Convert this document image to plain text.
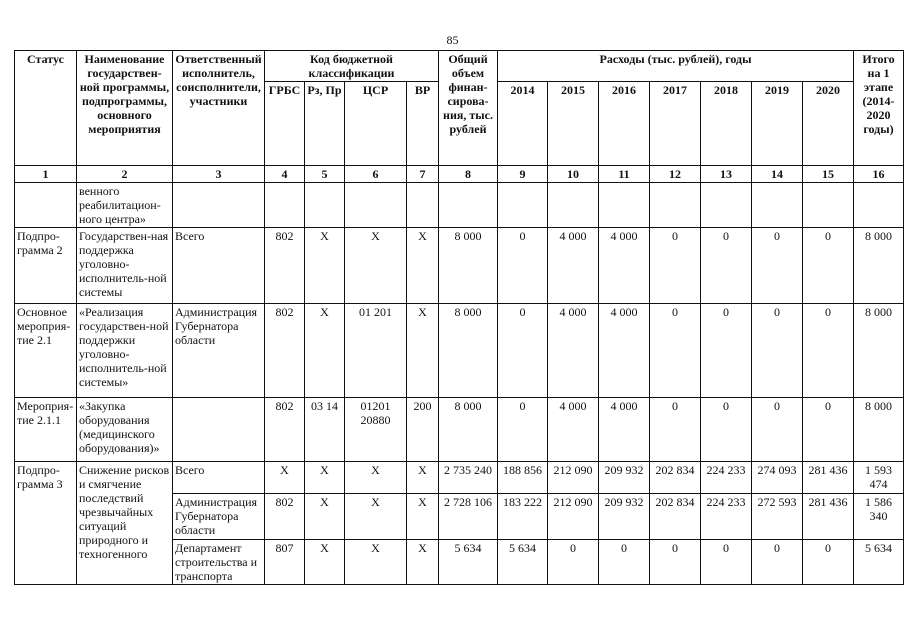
85
Статус	Наименование государствен-ной программы, подпрограммы, основного мероприятия	Ответственный исполнитель, соисполнители, участники	Код бюджетной классификации				Общий объем финан-сирова-ния, тыс. рублей	Расходы (тыс. рублей), годы							Итого на 1 этапе (2014-2020 годы)
			ГРБС	Рз, Пр	ЦСР	ВР		2014	2015	2016	2017	2018	2019	2020	
1	2	3	4	5	6	7	8	9	10	11	12	13	14	15	16
	венного реабилитацион-ного центра»														
Подпро-грамма 2	Государствен-ная поддержка уголовно-исполнитель-ной системы	Всего	802	Х	Х	Х	8 000	0	4 000	4 000	0	0	0	0	8 000
Основное мероприя-тие 2.1	«Реализация государствен-ной поддержки уголовно-исполнитель-ной системы»	Администрация Губернатора области	802	Х	01 201	Х	8 000	0	4 000	4 000	0	0	0	0	8 000
Мероприя-тие 2.1.1	«Закупка оборудования (медицинского оборудования)»		802	03 14	01201 20880	200	8 000	0	4 000	4 000	0	0	0	0	8 000
Подпро-грамма 3	Снижение рисков и смягчение последствий чрезвычайных ситуаций природного и техногенного	Всего	Х	Х	Х	Х	2 735 240	188 856	212 090	209 932	202 834	224 233	274 093	281 436	1 593 474
		Администрация Губернатора области	802	Х	Х	Х	2 728 106	183 222	212 090	209 932	202 834	224 233	272 593	281 436	1 586 340
		Департамент строительства и транспорта	807	Х	Х	Х	5 634	5 634	0	0	0	0	0	0	5 634
